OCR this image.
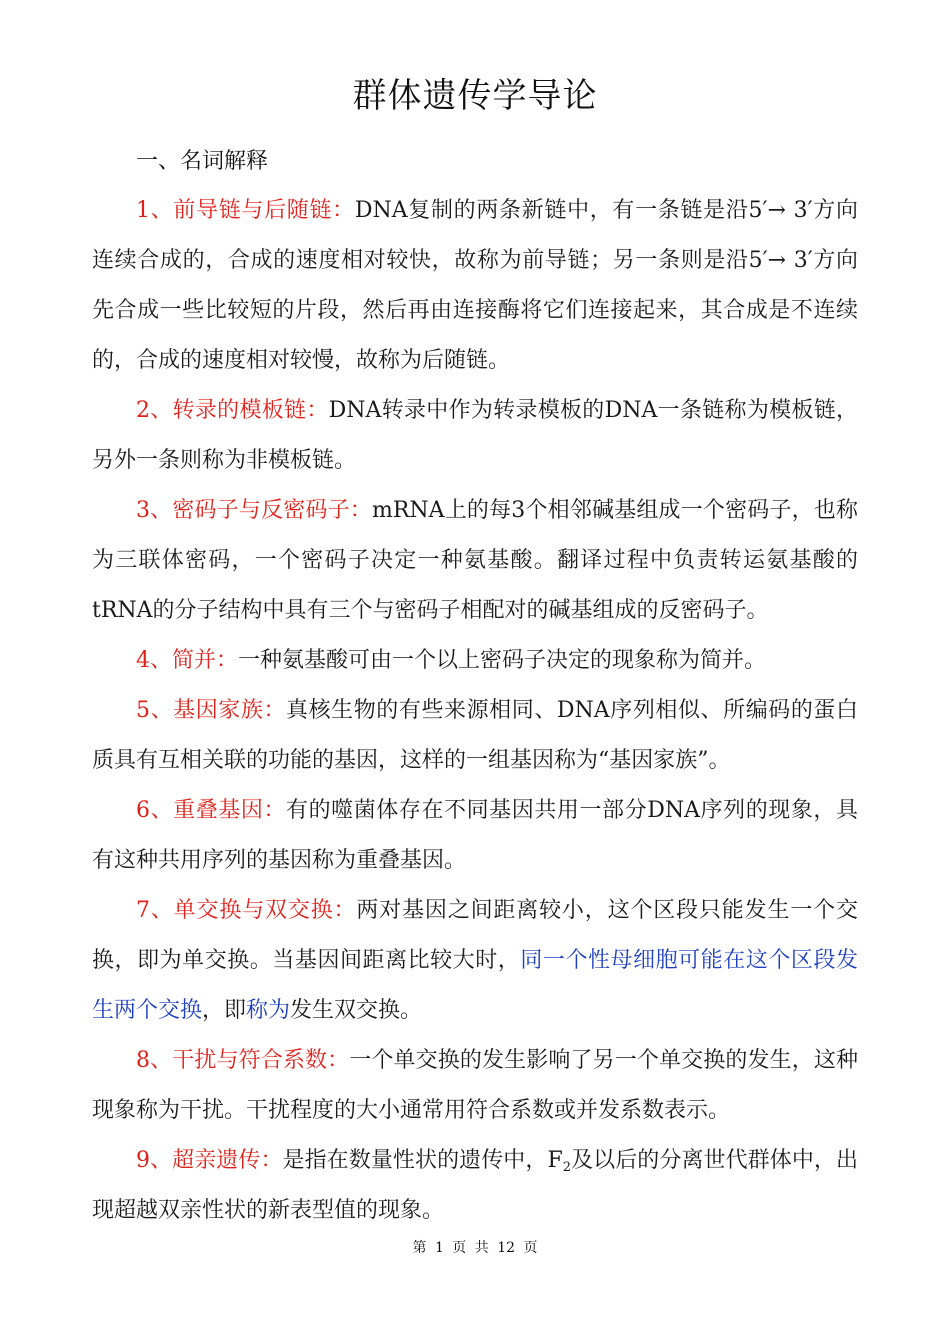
群体遗传学导论
一、名词解释

1、前导链与后随链：DNA复制的两条新链中，有一条链是沿5′→ 3′方向连续合成的，合成的速度相对较快，故称为前导链；另一条则是沿5′→ 3′方向先合成一些比较短的片段，然后再由连接酶将它们连接起来，其合成是不连续的，合成的速度相对较慢，故称为后随链。

2、转录的模板链：DNA转录中作为转录模板的DNA一条链称为模板链，另外一条则称为非模板链。

3、密码子与反密码子：mRNA上的每3个相邻碱基组成一个密码子，也称为三联体密码，一个密码子决定一种氨基酸。翻译过程中负责转运氨基酸的tRNA的分子结构中具有三个与密码子相配对的碱基组成的反密码子。

4、简并：一种氨基酸可由一个以上密码子决定的现象称为简并。

5、基因家族：真核生物的有些来源相同、DNA序列相似、所编码的蛋白质具有互相关联的功能的基因，这样的一组基因称为“基因家族”。

6、重叠基因：有的噬菌体存在不同基因共用一部分DNA序列的现象，具有这种共用序列的基因称为重叠基因。

7、单交换与双交换：两对基因之间距离较小，这个区段只能发生一个交换，即为单交换。当基因间距离比较大时，同一个性母细胞可能在这个区段发生两个交换，即称为发生双交换。

8、干扰与符合系数：一个单交换的发生影响了另一个单交换的发生，这种现象称为干扰。干扰程度的大小通常用符合系数或并发系数表示。

9、超亲遗传：是指在数量性状的遗传中，$F_2$及以后的分离世代群体中，出现超越双亲性状的新表型值的现象。

第 1 页 共 12 页
